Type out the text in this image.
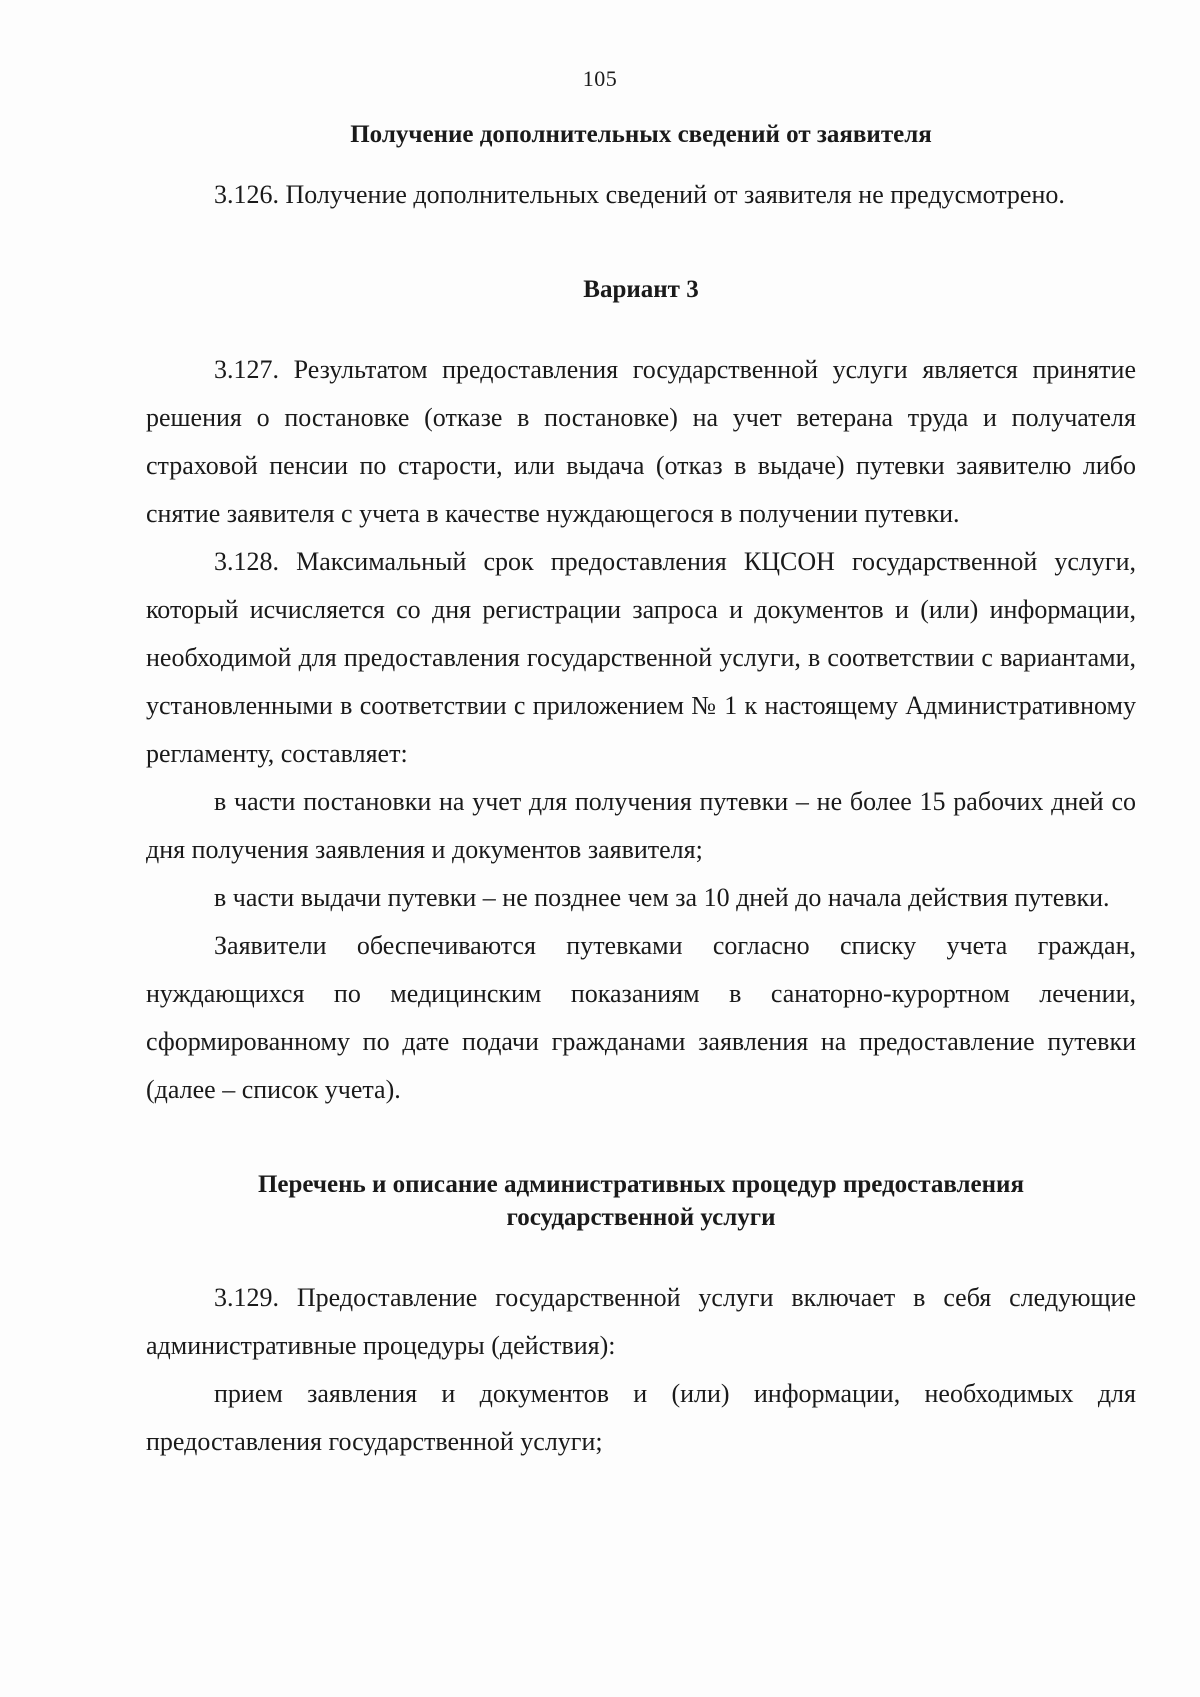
105
Получение дополнительных сведений от заявителя

3.126. Получение дополнительных сведений от заявителя не предусмотрено.

Вариант 3

3.127. Результатом предоставления государственной услуги является принятие решения о постановке (отказе в постановке) на учет ветерана труда и получателя страховой пенсии по старости, или выдача (отказ в выдаче) путевки заявителю либо снятие заявителя с учета в качестве нуждающегося в получении путевки.

3.128. Максимальный срок предоставления КЦСОН государственной услуги, который исчисляется со дня регистрации запроса и документов и (или) информации, необходимой для предоставления государственной услуги, в соответствии с вариантами, установленными в соответствии с приложением № 1 к настоящему Административному регламенту, составляет:

в части постановки на учет для получения путевки – не более 15 рабочих дней со дня получения заявления и документов заявителя;

в части выдачи путевки – не позднее чем за 10 дней до начала действия путевки.

Заявители обеспечиваются путевками согласно списку учета граждан, нуждающихся по медицинским показаниям в санаторно-курортном лечении, сформированному по дате подачи гражданами заявления на предоставление путевки (далее – список учета).

Перечень и описание административных процедур предоставления
государственной услуги

3.129. Предоставление государственной услуги включает в себя следующие административные процедуры (действия):

прием заявления и документов и (или) информации, необходимых для предоставления государственной услуги;
